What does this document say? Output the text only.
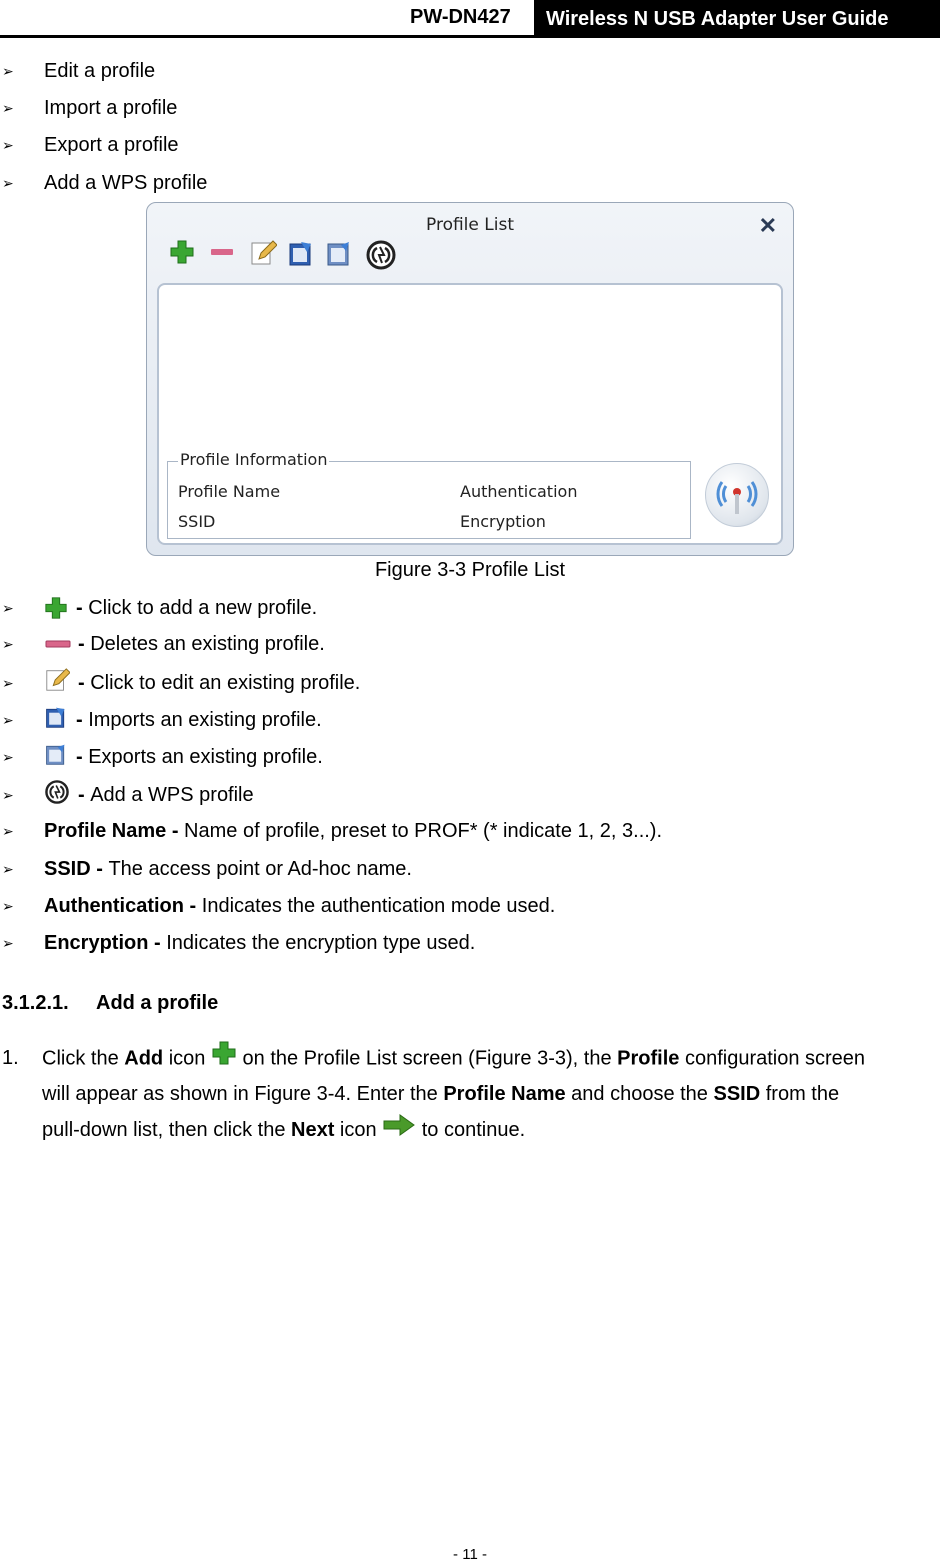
PW-DN427	Wireless N USB Adapter User Guide
➢ Edit a profile
➢ Import a profile
➢ Export a profile
➢ Add a WPS profile
Profile List	✕
Profile Information
Profile Name	Authentication
SSID	Encryption
Figure 3-3 Profile List
➢	- Click to add a new profile.
➢	- Deletes an existing profile.
➢	- Click to edit an existing profile.
➢	- Imports an existing profile.
➢	- Exports an existing profile.
➢	- Add a WPS profile
➢ Profile Name - Name of profile, preset to PROF* (* indicate 1, 2, 3...).
➢ SSID - The access point or Ad-hoc name.
➢ Authentication - Indicates the authentication mode used.
➢ Encryption - Indicates the encryption type used.
3.1.2.1. Add a profile
1. Click the Add icon  on the Profile List screen (Figure 3-3), the Profile configuration screen
will appear as shown in Figure 3-4. Enter the Profile Name and choose the SSID from the
pull-down list, then click the Next icon  to continue.
- 11 -
